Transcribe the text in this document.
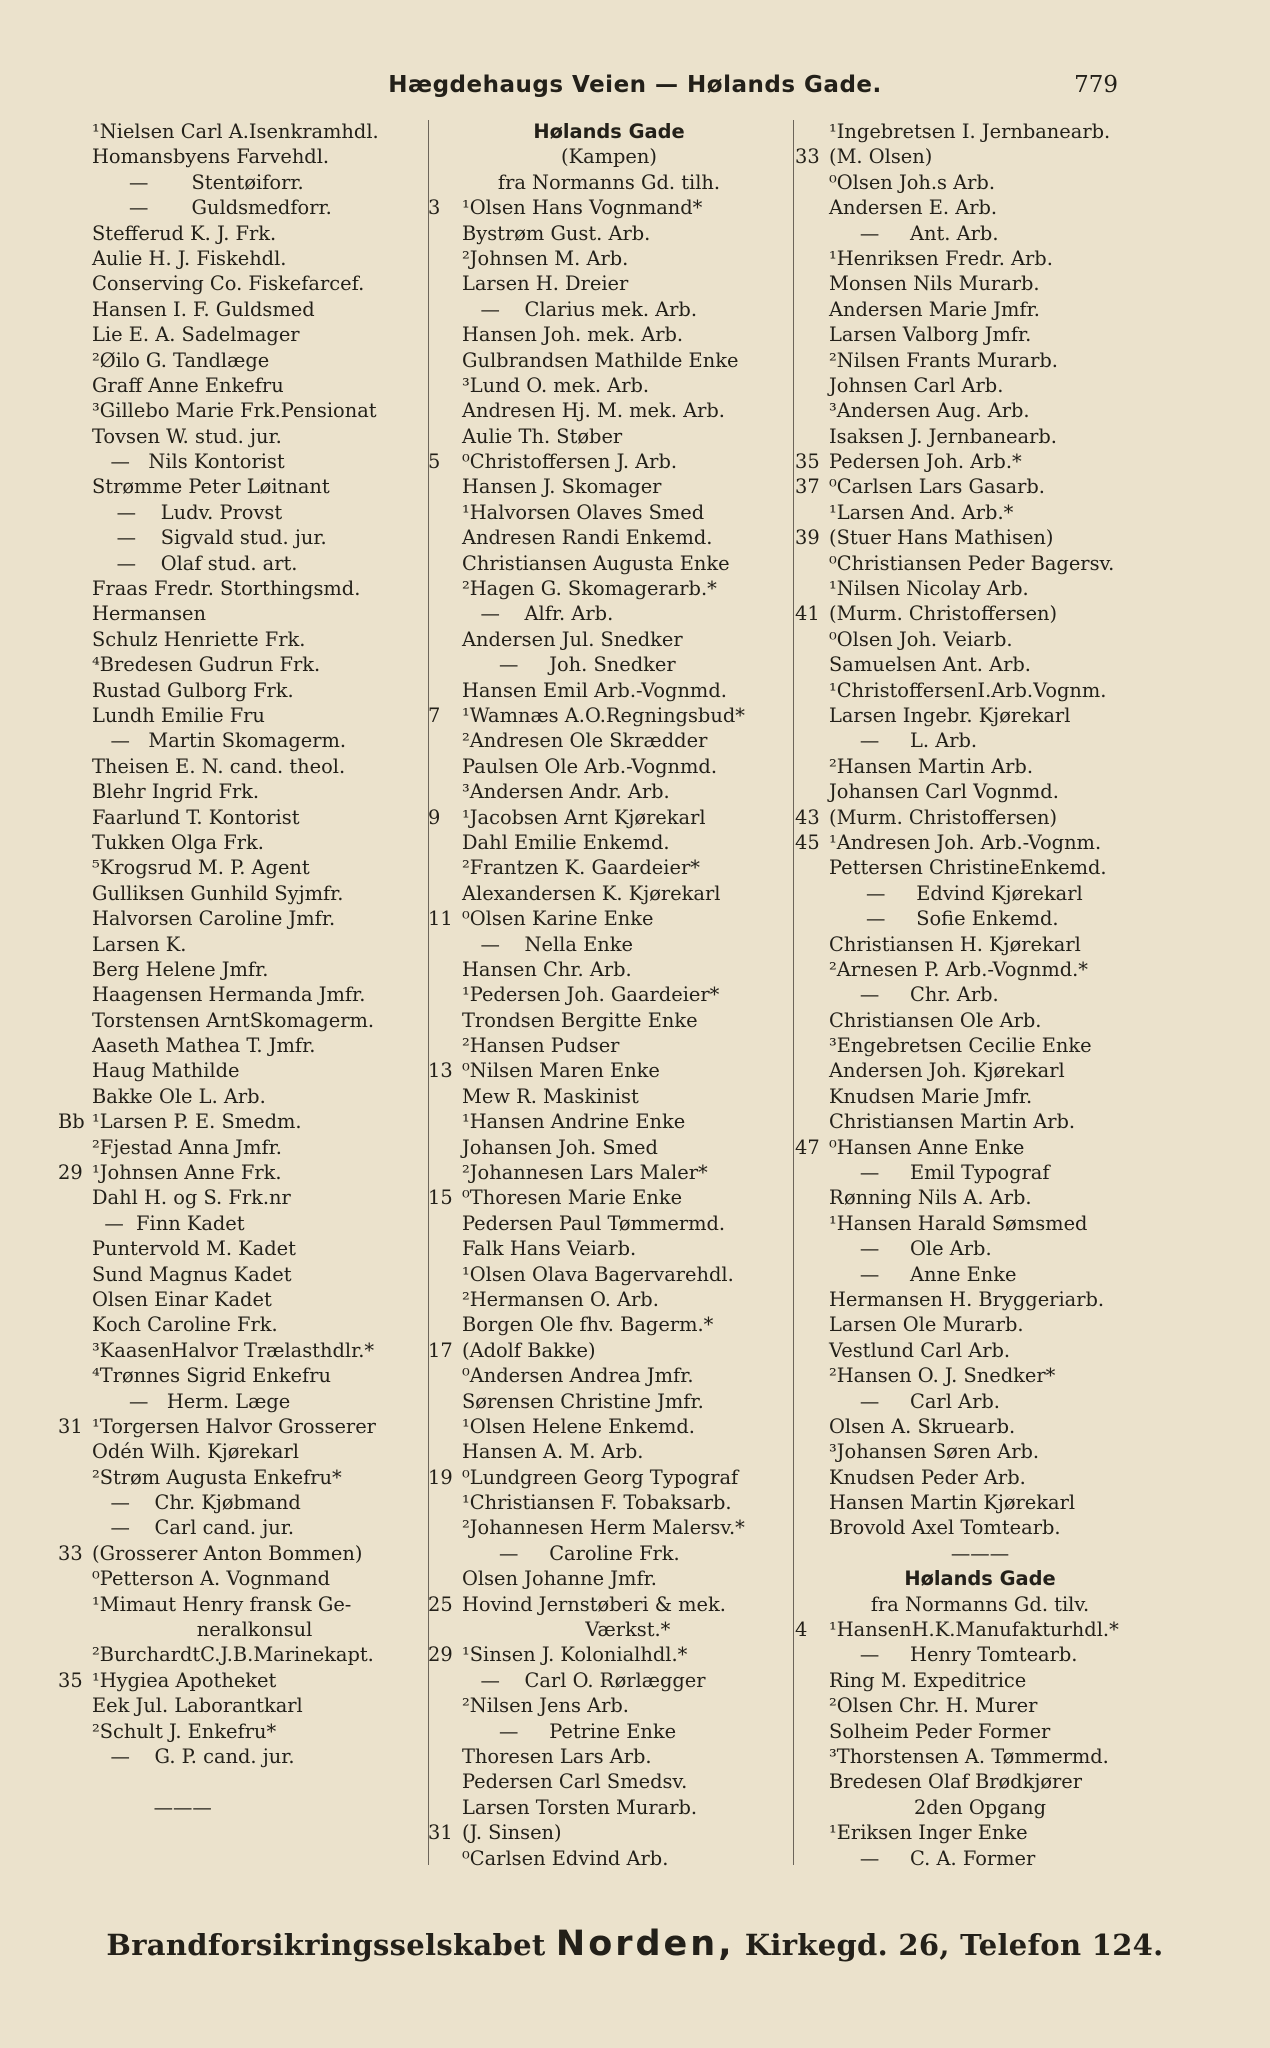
Hægdehaugs Veien — Hølands Gade.	779
¹Nielsen Carl A.Isenkramhdl.
Homansbyens Farvehdl.
—       Stentøiforr.
—       Guldsmedforr.
Stefferud K. J. Frk.
Aulie H. J. Fiskehdl.
Conserving Co. Fiskefarcef.
Hansen I. F. Guldsmed
Lie E. A. Sadelmager
²Øilo G. Tandlæge
Graff Anne Enkefru
³Gillebo Marie Frk.Pensionat
Tovsen W. stud. jur.
—   Nils Kontorist
Strømme Peter Løitnant
—    Ludv. Provst
—    Sigvald stud. jur.
—    Olaf stud. art.
Fraas Fredr. Storthingsmd.
Hermansen
Schulz Henriette Frk.
⁴Bredesen Gudrun Frk.
Rustad Gulborg Frk.
Lundh Emilie Fru
—   Martin Skomagerm.
Theisen E. N. cand. theol.
Blehr Ingrid Frk.
Faarlund T. Kontorist
Tukken Olga Frk.
⁵Krogsrud M. P. Agent
Gulliksen Gunhild Syjmfr.
Halvorsen Caroline Jmfr.
Larsen K.
Berg Helene Jmfr.
Haagensen Hermanda Jmfr.
Torstensen ArntSkomagerm.
Aaseth Mathea T. Jmfr.
Haug Mathilde
Bakke Ole L. Arb.
Bb ¹Larsen P. E. Smedm.
²Fjestad Anna Jmfr.
29 ¹Johnsen Anne Frk.
Dahl H. og S. Frk.nr
—  Finn Kadet
Puntervold M. Kadet
Sund Magnus Kadet
Olsen Einar Kadet
Koch Caroline Frk.
³KaasenHalvor Trælasthdlr.*
⁴Trønnes Sigrid Enkefru
—   Herm. Læge
31 ¹Torgersen Halvor Grosserer
Odén Wilh. Kjørekarl
²Strøm Augusta Enkefru*
—    Chr. Kjøbmand
—    Carl cand. jur.
33 (Grosserer Anton Bommen)
⁰Petterson A. Vognmand
¹Mimaut Henry fransk Ge-
neralkonsul
²BurchardtC.J.B.Marinekapt.
35 ¹Hygiea Apotheket
Eek Jul. Laborantkarl
²Schult J. Enkefru*
—    G. P. cand. jur.
———
Hølands Gade
(Kampen)
fra Normanns Gd. tilh.
3 ¹Olsen Hans Vognmand*
Bystrøm Gust. Arb.
²Johnsen M. Arb.
Larsen H. Dreier
—    Clarius mek. Arb.
Hansen Joh. mek. Arb.
Gulbrandsen Mathilde Enke
³Lund O. mek. Arb.
Andresen Hj. M. mek. Arb.
Aulie Th. Støber
5 ⁰Christoffersen J. Arb.
Hansen J. Skomager
¹Halvorsen Olaves Smed
Andresen Randi Enkemd.
Christiansen Augusta Enke
²Hagen G. Skomagerarb.*
—    Alfr. Arb.
Andersen Jul. Snedker
—     Joh. Snedker
Hansen Emil Arb.-Vognmd.
7 ¹Wamnæs A.O.Regningsbud*
²Andresen Ole Skrædder
Paulsen Ole Arb.-Vognmd.
³Andersen Andr. Arb.
9 ¹Jacobsen Arnt Kjørekarl
Dahl Emilie Enkemd.
²Frantzen K. Gaardeier*
Alexandersen K. Kjørekarl
11 ⁰Olsen Karine Enke
—    Nella Enke
Hansen Chr. Arb.
¹Pedersen Joh. Gaardeier*
Trondsen Bergitte Enke
²Hansen Pudser
13 ⁰Nilsen Maren Enke
Mew R. Maskinist
¹Hansen Andrine Enke
Johansen Joh. Smed
²Johannesen Lars Maler*
15 ⁰Thoresen Marie Enke
Pedersen Paul Tømmermd.
Falk Hans Veiarb.
¹Olsen Olava Bagervarehdl.
²Hermansen O. Arb.
Borgen Ole fhv. Bagerm.*
17 (Adolf Bakke)
⁰Andersen Andrea Jmfr.
Sørensen Christine Jmfr.
¹Olsen Helene Enkemd.
Hansen A. M. Arb.
19 ⁰Lundgreen Georg Typograf
¹Christiansen F. Tobaksarb.
²Johannesen Herm Malersv.*
—     Caroline Frk.
Olsen Johanne Jmfr.
25 Hovind Jernstøberi & mek.
Værkst.*
29 ¹Sinsen J. Kolonialhdl.*
—    Carl O. Rørlægger
²Nilsen Jens Arb.
—     Petrine Enke
Thoresen Lars Arb.
Pedersen Carl Smedsv.
Larsen Torsten Murarb.
31 (J. Sinsen)
⁰Carlsen Edvind Arb.
¹Ingebretsen I. Jernbanearb.
33 (M. Olsen)
⁰Olsen Joh.s Arb.
Andersen E. Arb.
—     Ant. Arb.
¹Henriksen Fredr. Arb.
Monsen Nils Murarb.
Andersen Marie Jmfr.
Larsen Valborg Jmfr.
²Nilsen Frants Murarb.
Johnsen Carl Arb.
³Andersen Aug. Arb.
Isaksen J. Jernbanearb.
35 Pedersen Joh. Arb.*
37 ⁰Carlsen Lars Gasarb.
¹Larsen And. Arb.*
39 (Stuer Hans Mathisen)
⁰Christiansen Peder Bagersv.
¹Nilsen Nicolay Arb.
41 (Murm. Christoffersen)
⁰Olsen Joh. Veiarb.
Samuelsen Ant. Arb.
¹ChristoffersenI.Arb.Vognm.
Larsen Ingebr. Kjørekarl
—     L. Arb.
²Hansen Martin Arb.
Johansen Carl Vognmd.
43 (Murm. Christoffersen)
45 ¹Andresen Joh. Arb.-Vognm.
Pettersen ChristineEnkemd.
—     Edvind Kjørekarl
—     Sofie Enkemd.
Christiansen H. Kjørekarl
²Arnesen P. Arb.-Vognmd.*
—     Chr. Arb.
Christiansen Ole Arb.
³Engebretsen Cecilie Enke
Andersen Joh. Kjørekarl
Knudsen Marie Jmfr.
Christiansen Martin Arb.
47 ⁰Hansen Anne Enke
—     Emil Typograf
Rønning Nils A. Arb.
¹Hansen Harald Sømsmed
—     Ole Arb.
—     Anne Enke
Hermansen H. Bryggeriarb.
Larsen Ole Murarb.
Vestlund Carl Arb.
²Hansen O. J. Snedker*
—     Carl Arb.
Olsen A. Skruearb.
³Johansen Søren Arb.
Knudsen Peder Arb.
Hansen Martin Kjørekarl
Brovold Axel Tomtearb.
———
Hølands Gade
fra Normanns Gd. tilv.
4 ¹HansenH.K.Manufakturhdl.*
—     Henry Tomtearb.
Ring M. Expeditrice
²Olsen Chr. H. Murer
Solheim Peder Former
³Thorstensen A. Tømmermd.
Bredesen Olaf Brødkjører
2den Opgang
¹Eriksen Inger Enke
—     C. A. Former
Brandforsikringsselskabet Norden, Kirkegd. 26, Telefon 124.
